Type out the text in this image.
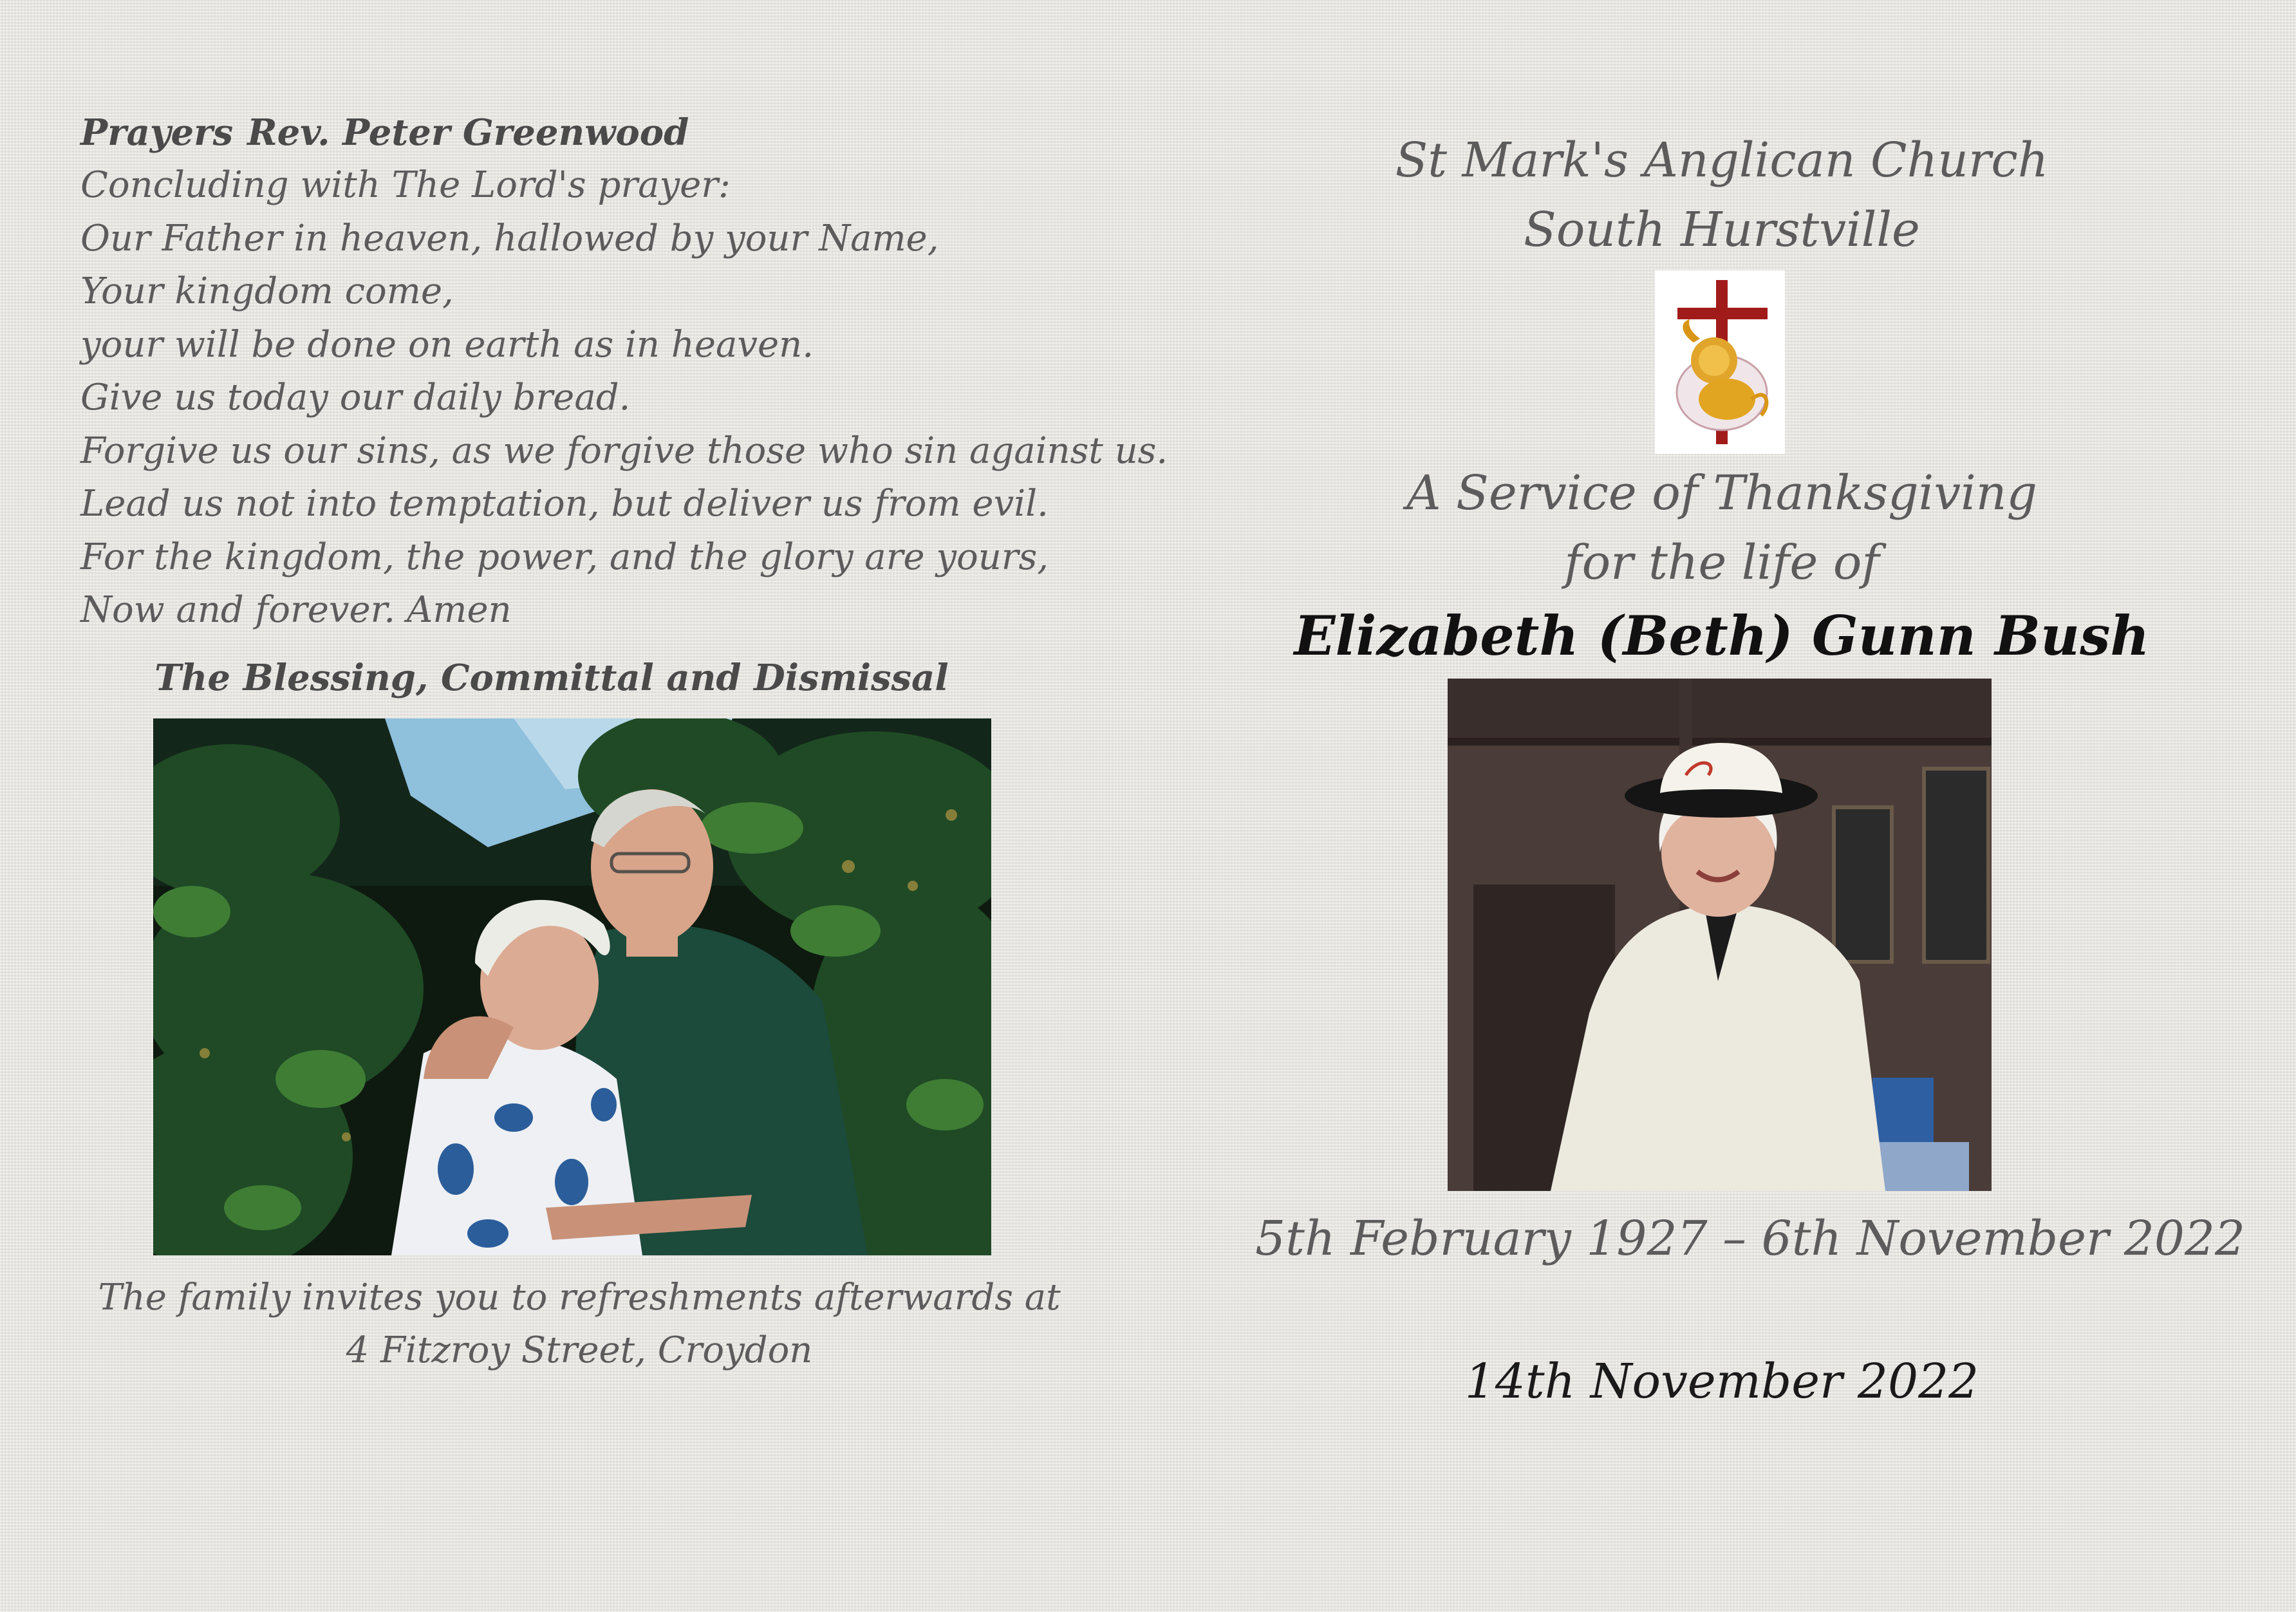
Prayers Rev. Peter Greenwood
Concluding with The Lord's prayer:
Our Father in heaven, hallowed by your Name,
Your kingdom come,
your will be done on earth as in heaven.
Give us today our daily bread.
Forgive us our sins, as we forgive those who sin against us.
Lead us not into temptation, but deliver us from evil.
For the kingdom, the power, and the glory are yours,
Now and forever. Amen
The Blessing, Committal and Dismissal
The family invites you to refreshments afterwards at
4 Fitzroy Street, Croydon
St Mark's Anglican Church
South Hurstville
A Service of Thanksgiving
for the life of
Elizabeth (Beth) Gunn Bush
5th February 1927 – 6th November 2022
14th November 2022
